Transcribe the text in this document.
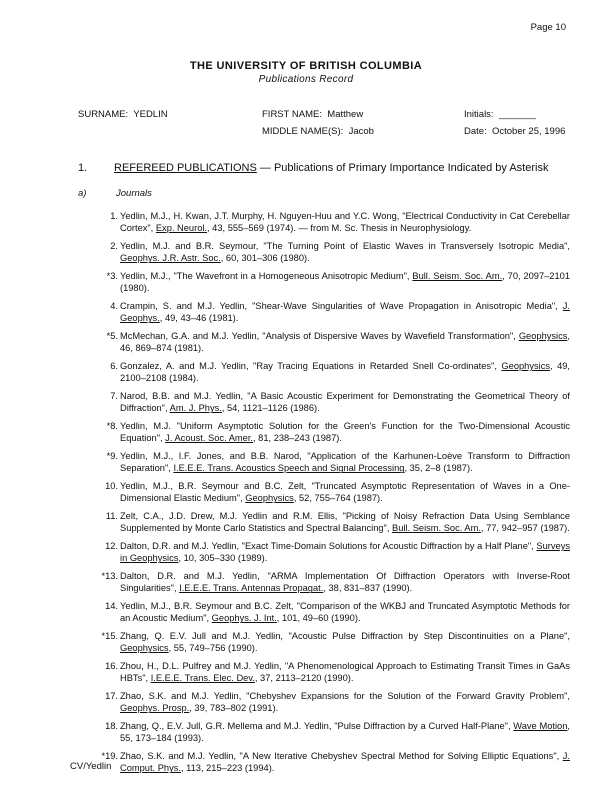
Page 10
THE UNIVERSITY OF BRITISH COLUMBIA
Publications Record
SURNAME: YEDLIN	FIRST NAME: Matthew	Initials: _______
MIDDLE NAME(S): Jacob	Date: October 25, 1996
1. REFEREED PUBLICATIONS — Publications of Primary Importance Indicated by Asterisk
a)	Journals
1. Yedlin, M.J., H. Kwan, J.T. Murphy, H. Nguyen-Huu and Y.C. Wong, "Electrical Conductivity in Cat Cerebellar Cortex", Exp. Neurol., 43, 555–569 (1974). — from M. Sc. Thesis in Neurophysiology.
2. Yedlin, M.J. and B.R. Seymour, "The Turning Point of Elastic Waves in Transversely Isotropic Media", Geophys. J.R. Astr. Soc., 60, 301–306 (1980).
*3. Yedlin, M.J., "The Wavefront in a Homogeneous Anisotropic Medium", Bull. Seism. Soc. Am., 70, 2097–2101 (1980).
4. Crampin, S. and M.J. Yedlin, "Shear-Wave Singularities of Wave Propagation in Anisotropic Media", J. Geophys., 49, 43–46 (1981).
*5. McMechan, G.A. and M.J. Yedlin, "Analysis of Dispersive Waves by Wavefield Transformation", Geophysics, 46, 869–874 (1981).
6. Gonzalez, A. and M.J. Yedlin, "Ray Tracing Equations in Retarded Snell Co-ordinates", Geophysics, 49, 2100–2108 (1984).
7. Narod, B.B. and M.J. Yedlin, "A Basic Acoustic Experiment for Demonstrating the Geometrical Theory of Diffraction", Am. J. Phys., 54, 1121–1126 (1986).
*8. Yedlin, M.J. "Uniform Asymptotic Solution for the Green's Function for the Two-Dimensional Acoustic Equation", J. Acoust. Soc. Amer., 81, 238–243 (1987).
*9. Yedlin, M.J., I.F. Jones, and B.B. Narod, "Application of the Karhunen-Loève Transform to Diffraction Separation", I.E.E.E. Trans. Acoustics Speech and Signal Processing, 35, 2–8 (1987).
10. Yedlin, M.J., B.R. Seymour and B.C. Zelt, "Truncated Asymptotic Representation of Waves in a One-Dimensional Elastic Medium", Geophysics, 52, 755–764 (1987).
11. Zelt, C.A., J.D. Drew, M.J. Yedlin and R.M. Ellis, "Picking of Noisy Refraction Data Using Semblance Supplemented by Monte Carlo Statistics and Spectral Balancing", Bull. Seism. Soc. Am., 77, 942–957 (1987).
12. Dalton, D.R. and M.J. Yedlin, "Exact Time-Domain Solutions for Acoustic Diffraction by a Half Plane", Surveys in Geophysics, 10, 305–330 (1989).
*13. Dalton, D.R. and M.J. Yedlin, "ARMA Implementation Of Diffraction Operators with Inverse-Root Singularities", I.E.E.E. Trans. Antennas Propagat., 38, 831–837 (1990).
14. Yedlin, M.J., B.R. Seymour and B.C. Zelt, "Comparison of the WKBJ and Truncated Asymptotic Methods for an Acoustic Medium", Geophys. J. Int., 101, 49–60 (1990).
*15. Zhang, Q. E.V. Jull and M.J. Yedlin, "Acoustic Pulse Diffraction by Step Discontinuities on a Plane", Geophysics, 55, 749–756 (1990).
16. Zhou, H., D.L. Pulfrey and M.J. Yedlin, "A Phenomenological Approach to Estimating Transit Times in GaAs HBTs", I.E.E.E. Trans. Elec. Dev., 37, 2113–2120 (1990).
17. Zhao, S.K. and M.J. Yedlin, "Chebyshev Expansions for the Solution of the Forward Gravity Problem", Geophys. Prosp., 39, 783–802 (1991).
18. Zhang, Q., E.V. Jull, G.R. Mellema and M.J. Yedlin, "Pulse Diffraction by a Curved Half-Plane", Wave Motion, 55, 173–184 (1993).
*19. Zhao, S.K. and M.J. Yedlin, "A New Iterative Chebyshev Spectral Method for Solving Elliptic Equations", J. Comput. Phys., 113, 215–223 (1994).
CV/Yedlin
